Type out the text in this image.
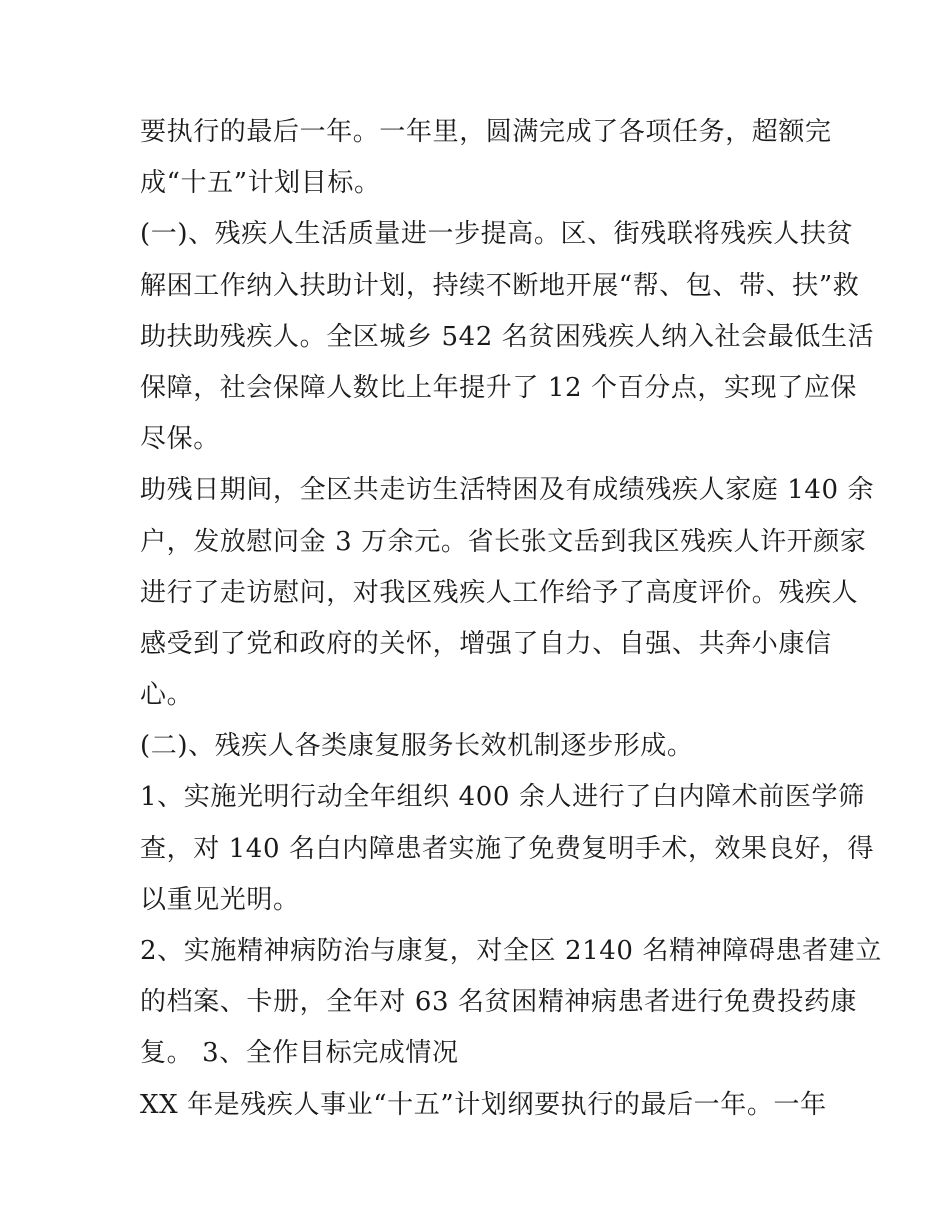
要执行的最后一年。一年里，圆满完成了各项任务，超额完
成“十五”计划目标。
(一)、残疾人生活质量进一步提高。区、街残联将残疾人扶贫
解困工作纳入扶助计划，持续不断地开展“帮、包、带、扶”救
助扶助残疾人。全区城乡 542 名贫困残疾人纳入社会最低生活
保障，社会保障人数比上年提升了 12 个百分点，实现了应保
尽保。
助残日期间，全区共走访生活特困及有成绩残疾人家庭 140 余
户，发放慰问金 3 万余元。省长张文岳到我区残疾人许开颜家
进行了走访慰问，对我区残疾人工作给予了高度评价。残疾人
感受到了党和政府的关怀，增强了自力、自强、共奔小康信
心。
(二)、残疾人各类康复服务长效机制逐步形成。
1、实施光明行动全年组织 400 余人进行了白内障术前医学筛
查，对 140 名白内障患者实施了免费复明手术，效果良好，得
以重见光明。
2、实施精神病防治与康复，对全区 2140 名精神障碍患者建立
的档案、卡册，全年对 63 名贫困精神病患者进行免费投药康
复。 3、全作目标完成情况
XX 年是残疾人事业“十五”计划纲要执行的最后一年。一年
